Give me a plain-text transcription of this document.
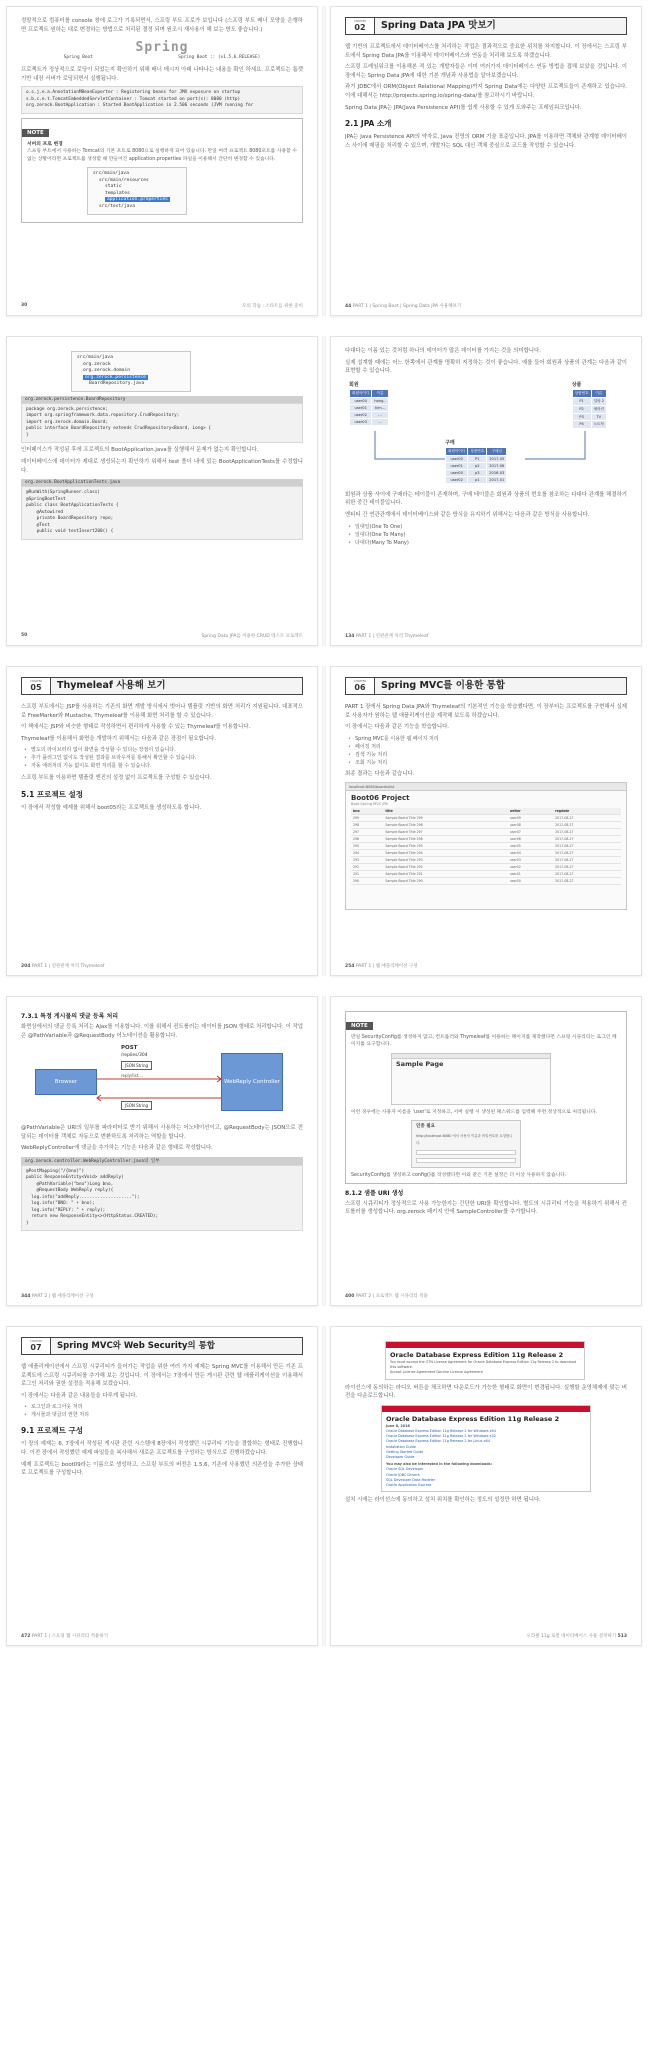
정말적으로 컴퓨터를 console 창에 로그가 기록되면서, 스프링 부트 프로가 보입니다 (스프링 부트 배너 모양을 은행하면 프로젝트 원하는 대로 변경하는 방법으로 처리된 결정 되며 원조시 재사용이 해 보는 방도 좋습니다.)

Spring
Spring Boot	Spring Boot :: (v1.5.6.RELEASE)

프로젝트가 정상적으로 로딩이 되었는지 확인하기 위해 배너 메시지 아래 나타나는 내용을 확인 하세요. 프로젝트는 톰캣 기반 내장 서버가 로딩되면서 실행됩니다.

o.s.j.e.a.AnnotationMBeanExporter : Registering beans for JMX exposure on startup
s.b.c.e.t.TomcatEmbeddedServletContainer : Tomcat started on port(s): 8080 (http)
org.zerock.BootApplication : Started BootApplication in 2.506 seconds (JVM running for
NOTE
서버의 프로 변경
스프링 부트에서 사용하는 Tomcat의 기본 포트로 8080으로 실행하게 되어 있습니다. 만일 여러 프로젝트 8080포트를 사용할 수 없는 상황이라면 프로젝트를 생성할 때 만들어진 application.properties 파일을 이용해서 간단히 변경할 수 있습니다.
src/main/java
src/main/resources
static
templates
application.properties
src/test/java
30	모의 학습 : 스타트를 위한 준비
CHAPTER
02	Spring Data JPA 맛보기

웹 기반의 프로젝트에서 데이터베이스를 처리하는 작업은 결과적으로 중요한 위치를 차지합니다. 이 장에서는 스프링 부트에서 Spring Data JPA를 이용해서 데이터베이스와 연동을 처리해 보도록 하겠습니다.

스프링 프레임워크를 이용해본 적 있는 개발자들은 이미 여러가지 데이터베이스 연동 방법을 접해 보았을 것입니다. 이 장에서는 Spring Data JPA에 대한 기본 개념과 사용법을 알아보겠습니다.

과거 JDBC에서 ORM(Object Relational Mapping)까지 Spring Data에는 다양한 프로젝트들이 존재하고 있습니다. 이에 대해서는 http://projects.spring.io/spring-data/를 참고하시기 바랍니다.

Spring Data JPA는 JPA(Java Persistence API)를 쉽게 사용할 수 있게 도와주는 프레임워크입니다.

2.1 JPA 소개

JPA는 Java Persistence API의 약자로, Java 진영의 ORM 기술 표준입니다. JPA를 이용하면 객체와 관계형 데이터베이스 사이에 매핑을 처리할 수 있으며, 개발자는 SQL 대신 객체 중심으로 코드를 작성할 수 있습니다.

44 PART 1 | Spring Boot | Spring Data JPA 사용해보기
src/main/java
org.zerock
org.zerock.domain
org.zerock.persistence
BoardRepository.java
org.zerock.persistence.BoardRepository
package org.zerock.persistence;
import org.springframework.data.repository.CrudRepository;
import org.zerock.domain.Board;
public interface BoardRepository extends CrudRepository<Board, Long> {
}

인터페이스가 작성된 후에 프로젝트의 BootApplication.java를 실행해서 문제가 없는지 확인합니다.

데이터베이스에 데이터가 제대로 생성되는지 확인하기 위해서 test 폴더 내에 있는 BootApplicationTests를 수정합니다.

org.zerock.BootApplicationTests.java
@RunWith(SpringRunner.class)
@SpringBootTest
public class BootApplicationTests {
@Autowired
private BoardRepository repo;
@Test
public void testInsert200() {
50	Spring Data JPA를 이용한 CRUD 테스트 프로젝트

다대다는 이름 있는 것처럼 하나의 데이터가 많은 데이터를 가지는 것을 의미합니다.

실제 설계할 때에는 어느 한쪽에서 관계를 명확히 지정하는 것이 좋습니다. 예를 들어 회원과 상품의 관계는 다음과 같이 표현할 수 있습니다.

회원
회원아이디	이름
user00	hong..
user01	kim...
user02	...
user03	...
상품
상품번호	이름
P1	설탕 2
P2	에어컨
P3	TV
P4	노트북
구매
회원아이디	상품번호	구매일
user00	P1	2017-05
user01	p2	2017-06
user00	p3	2016-03
user02	p1	2017-01

회원과 상품 사이에 구매라는 테이블이 존재하며, 구매 테이블은 회원과 상품의 번호를 참조하는 다대다 관계를 해결하기 위한 중간 테이블입니다.

엔티티 간 연관관계에서 데이터베이스와 같은 방식을 유지하기 위해서는 다음과 같은 방식을 사용합니다.

• 일대일(One To One)
• 일대다(One To Many)
• 다대다(Many To Many)
134 PART 1 | 연관관계 처리 Thymeleaf
CHAPTER
05	Thymeleaf 사용해 보기

스프링 부트에서는 JSP를 사용하는 기존의 화면 개발 방식에서 벗어나 템플릿 기반의 화면 처리가 지원됩니다. 대표적으로 FreeMarker와 Mustache, Thymeleaf를 이용해 화면 처리를 할 수 있습니다.

이 책에서는 JSP와 비슷한 형태로 작성하면서 편리하게 사용할 수 있는 Thymeleaf를 이용합니다.

Thymeleaf를 이용해서 화면을 개발하기 위해서는 다음과 같은 장점이 필요합니다.

• 별도의 라이브러리 없이 화면을 작성할 수 있다는 장점이 있습니다.
• 추가 플러그인 없이도 작성된 결과를 브라우저를 통해서 확인할 수 있습니다.
• 자동 에러처리 기능 없이도 화면 처리를 할 수 있습니다.

스프링 부트를 이용하면 템플릿 엔진의 설정 없이 프로젝트를 구성할 수 있습니다.

5.1 프로젝트 설정

이 장에서 작성할 예제를 위해서 boot05라는 프로젝트를 생성하도록 합니다.

204 PART 1 | 연관관계 처리 Thymeleaf
CHAPTER
06	Spring MVC를 이용한 통합

PART 1 장에서 Spring Data JPA와 Thymeleaf의 기본적인 기능을 학습했다면, 이 장부터는 프로젝트를 구현해서 실제로 사용자가 원하는 웹 애플리케이션을 제작해 보도록 하겠습니다.

이 장에서는 다음과 같은 기능을 학습합니다.

• Spring MVC를 이용한 웹 페이지 처리
• 페이징 처리
• 검색 기능 처리
• 조회 기능 처리

최종 결과는 다음과 같습니다.

localhost:8080/boards/list
Boot06 Project
Boot Spring MVC JPA
bno	title	writer	regdate
299	Sample Board Title 299	user09	2017-08-27
298	Sample Board Title 298	user08	2017-08-27
297	Sample Board Title 297	user07	2017-08-27
296	Sample Board Title 296	user06	2017-08-27
295	Sample Board Title 295	user05	2017-08-27
294	Sample Board Title 294	user04	2017-08-27
293	Sample Board Title 293	user03	2017-08-27
292	Sample Board Title 292	user02	2017-08-27
291	Sample Board Title 291	user01	2017-08-27
290	Sample Board Title 290	user00	2017-08-27
254 PART 1 | 웹 애플리케이션 구성
7.3.1 특정 게시물의 댓글 등록 처리

화면상에서의 댓글 등록 처리는 Ajax를 이용합니다. 이를 위해서 컨트롤러는 데이터를 JSON 형태로 처리합니다. 이 작업은 @PathVariable과 @RequestBody 어노테이션을 활용합니다.

Browser	WebReply Controller
POST
/replies/304
JSON String
reply/list....
JSON String

@PathVariable은 URI의 일부를 파라미터로 받기 위해서 사용하는 어노테이션이고, @RequestBody는 JSON으로 전달되는 데이터를 객체로 자동으로 변환하도록 처리하는 역할을 합니다.

WebReplyController에 댓글을 추가하는 기능은 다음과 같은 형태로 작성합니다.

org.zerock.controller.WebReplyController.java의 일부
@PostMapping("/{bno}")
public ResponseEntity<Void> addReply(
@PathVariable("bno")Long bno,
@RequestBody WebReply reply){
log.info("addReply....................");
log.info("BNO: " + bno);
log.info("REPLY: " + reply);
return new ResponseEntity<>(HttpStatus.CREATED);
}
344 PART 2 | 웹 애플리케이션 구성
NOTE
만일 SecurityConfig를 생성하지 않고, 컨트롤러와 Thymeleaf를 이용하는 페이지를 제작했다면 스프링 시큐리티는 로그인 페이지를 요구합니다.
Sample Page
이런 경우에는 사용자 이름을 'user'로 지정하고, 서버 실행 시 생성된 패스워드를 입력해 주면 정상적으로 처리됩니다.
인증 필요
http://localhost:8080 에서 사용자 이름과 비밀번호를 요청합니다.
SecurityConfig를 생성하고 config()를 작성했다면 이와 같은 기본 설정은 더 이상 사용하지 않습니다.
8.1.2 샘플 URI 생성

스프링 시큐리티가 정상적으로 사용 가능한지는 간단한 URI를 확인합니다. 별도의 시큐리티 기능을 적용하기 위해서 컨트롤러를 생성합니다. org.zerock 패키지 안에 SampleController를 추가합니다.

400 PART 2 | 프로젝트 웹 시큐리티 적용
CHAPTER
07	Spring MVC와 Web Security의 통합

웹 애플리케이션에서 스프링 시큐리티가 들어가는 작업을 위한 여러 가지 예제는 Spring MVC를 이용해서 만든 기존 프로젝트에 스프링 시큐리티를 추가해 보는 것입니다. 이 장에서는 7장에서 만든 게시판 관련 웹 애플리케이션을 이용해서 로그인 처리와 권한 설정을 적용해 보겠습니다.

이 장에서는 다음과 같은 내용들을 다루게 됩니다.

• 로그인과 로그아웃 처리
• 게시물과 댓글의 권한 처리
9.1 프로젝트 구성

이 장의 예제는 6, 7장에서 작성된 게시판 관련 시스템에 8장에서 작성했던 시큐리티 기능을 결합하는 형태로 진행합니다. 이전 장에서 작성했던 예제 파일들을 복사해서 새로운 프로젝트를 구성하는 방식으로 진행하겠습니다.

예제 프로젝트는 boot09라는 이름으로 생성하고, 스프링 부트의 버전은 1.5.6, 기존에 사용했던 의존성을 추가한 상태로 프로젝트를 구성합니다.

472 PART 1 | 스프링 웹 시큐리티 적용하기
Oracle Database Express Edition 11g Release 2
You must accept the OTN License Agreement for Oracle Database Express Edition 11g Release 2 to download this software.
Accept License Agreement Decline License Agreement

라이선스에 동의하는 라디오 버튼을 체크하면 다운로드가 가능한 형태로 화면이 변경됩니다. 실행할 운영체제에 맞는 버전을 다운로드합니다.

Oracle Database Express Edition 11g Release 2
June 8, 2016
Oracle Database Express Edition 11g Release 2 for Windows x64
Oracle Database Express Edition 11g Release 2 for Windows x32
Oracle Database Express Edition 11g Release 2 for Linux x64
Installation Guide
Getting Started Guide
Developer Guide
You may also be interested in the following downloads:
Oracle SQL Developer
Oracle JDBC Drivers
SQL Developer Data Modeler
Oracle Application Express

설치 시에는 라이선스에 동의하고 설치 위치를 확인하는 정도의 설정만 하면 됩니다.

오라클 11g 로컬 데이터베이스 사용 설치하기 513
